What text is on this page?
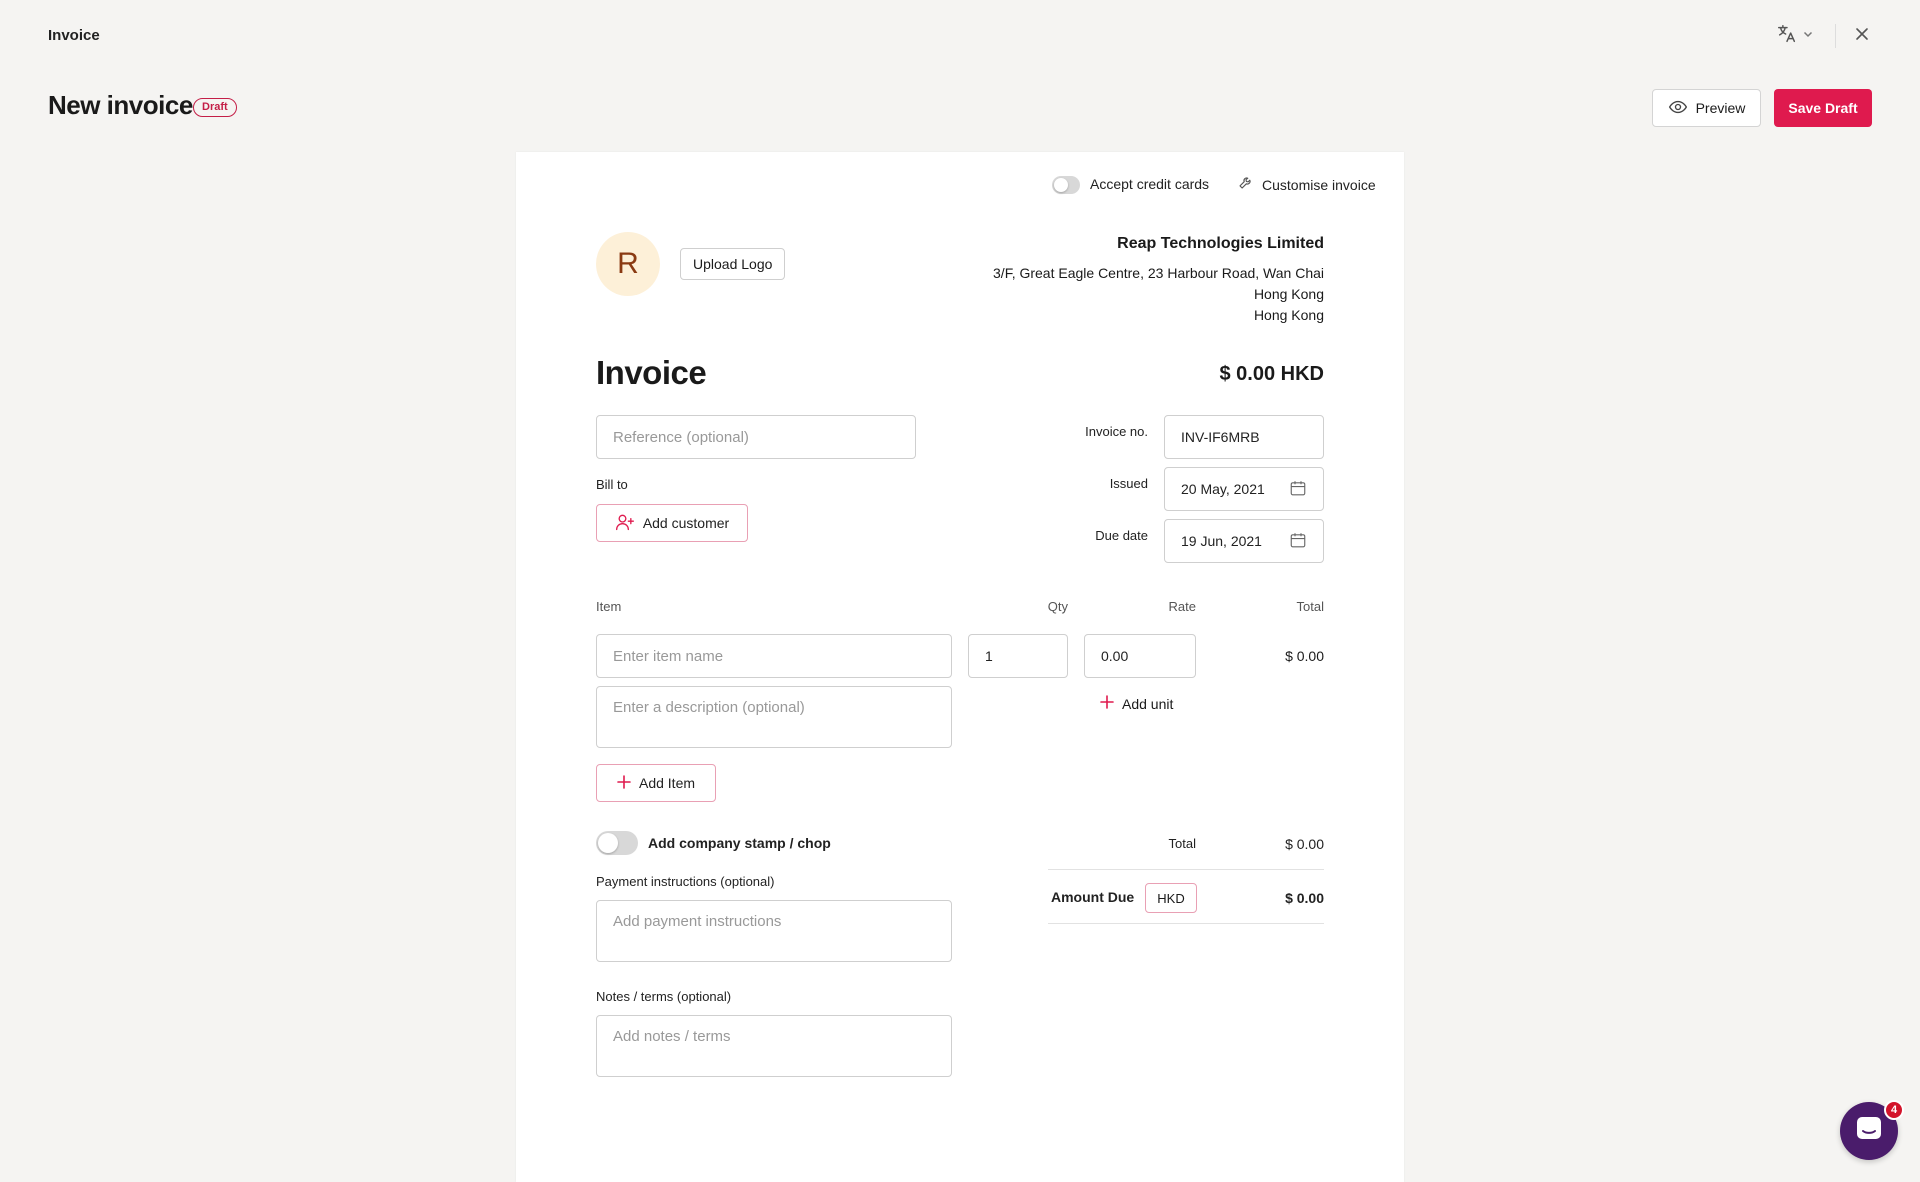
Invoice
New invoice Draft	Preview	Save Draft
Accept credit cards	Customise invoice
R	Upload Logo
Reap Technologies Limited
3/F, Great Eagle Centre, 23 Harbour Road, Wan Chai
Hong Kong
Hong Kong
Invoice	$ 0.00 HKD
Reference (optional)
Bill to
Add customer
Invoice no.	INV-IF6MRB
Issued 20 May, 2021
Due date 19 Jun, 2021
Item	Qty	Rate	Total
Enter item name	1	0.00	$ 0.00
Enter a description (optional)	Add unit
Add Item
Add company stamp / chop
Payment instructions (optional)
Add payment instructions
Notes / terms (optional)
Add notes / terms
Total	$ 0.00
Amount Due	HKD	$ 0.00
4
